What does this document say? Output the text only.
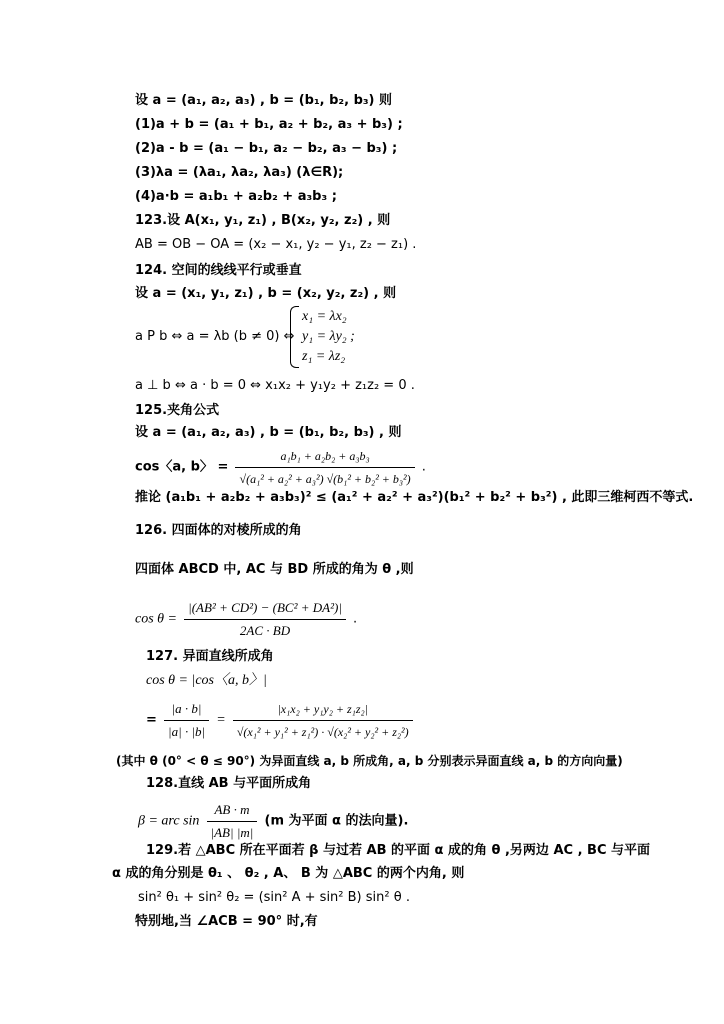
设 a = (a₁, a₂, a₃) , b = (b₁, b₂, b₃) 则
(1)a + b = (a₁ + b₁, a₂ + b₂, a₃ + b₃) ;
(2)a - b = (a₁ − b₁, a₂ − b₂, a₃ − b₃) ;
(3)λa = (λa₁, λa₂, λa₃) (λ∈R);
(4)a·b = a₁b₁ + a₂b₂ + a₃b₃ ;
123.设 A(x₁, y₁, z₁) , B(x₂, y₂, z₂) , 则
AB = OB − OA = (x₂ − x₁, y₂ − y₁, z₂ − z₁) .
124. 空间的线线平行或垂直
设 a = (x₁, y₁, z₁) , b = (x₂, y₂, z₂) , 则
x₁ = λx₂
a P b ⇔ a = λb (b ≠ 0) ⇔ y₁ = λy₂ ;
z₁ = λz₂
a ⊥ b ⇔ a · b = 0 ⇔ x₁x₂ + y₁y₂ + z₁z₂ = 0 .
125.夹角公式
设 a = (a₁, a₂, a₃) , b = (b₁, b₂, b₃) , 则
cos〈a, b〉 = $\frac{\text{a₁b₁ + a₂b₂ + a₃b₃}}{\text{√(a₁² + a₂² + a₃²) √(b₁² + b₂² + b₃²)}}$ .
推论 (a₁b₁ + a₂b₂ + a₃b₃)² ≤ (a₁² + a₂² + a₃²)(b₁² + b₂² + b₃²) , 此即三维柯西不等式.
126. 四面体的对棱所成的角
四面体 ABCD 中, AC 与 BD 所成的角为 θ ,则
$\cos \theta = \frac{\text{|(AB² + CD²) − (BC² + DA²)|}}{2AC \cdot BD}$ .
127. 异面直线所成角
cos θ = |cos〈a, b〉|
= $\frac{|a \cdot b|}{|a| \cdot |b|} = \frac{\text{|x₁x₂ + y₁y₂ + z₁z₂|}}{\text{√(x₁² + y₁² + z₁²) · √(x₂² + y₂² + z₂²)}}$
(其中 θ (0° < θ ≤ 90°) 为异面直线 a, b 所成角, a, b 分别表示异面直线 a, b 的方向向量)
128.直线 AB 与平面所成角
β = arc $\sin \frac{AB \cdot m}{|AB| |m|} (m$ 为平面 α 的法向量).
129.若 △ABC 所在平面若 β 与过若 AB 的平面 α 成的角 θ ,另两边 AC , BC 与平面
α 成的角分别是 θ₁ 、 θ₂ , A、 B 为 △ABC 的两个内角, 则
sin² θ₁ + sin² θ₂ = (sin² A + sin² B) sin² θ .
特别地,当 ∠ACB = 90° 时,有
